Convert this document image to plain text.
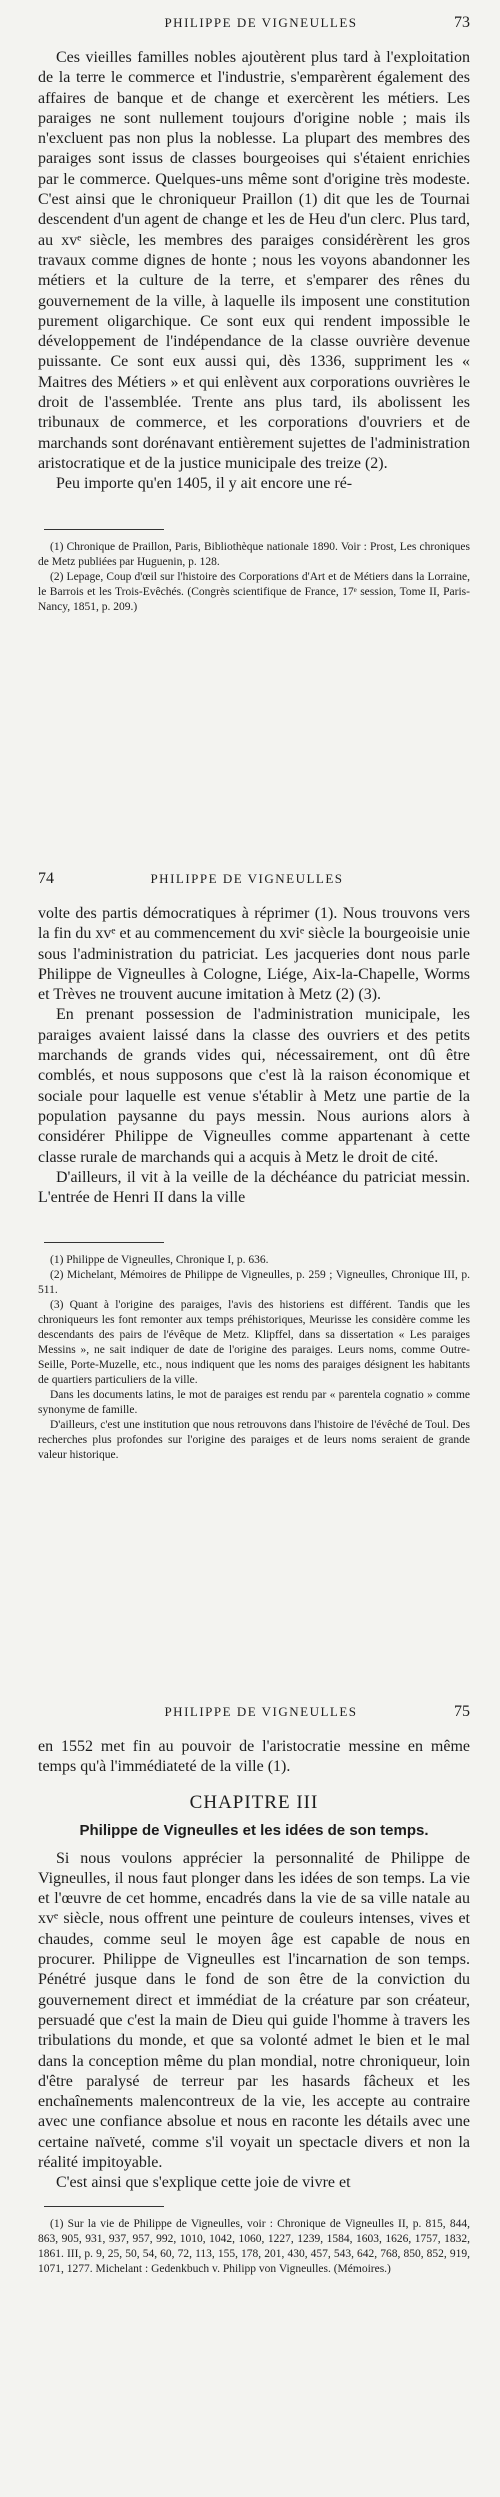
PHILIPPE DE VIGNEULLES	73

Ces vieilles familles nobles ajoutèrent plus tard à l'exploitation de la terre le commerce et l'industrie, s'emparèrent également des affaires de banque et de change et exercèrent les métiers. Les paraiges ne sont nullement toujours d'origine noble ; mais ils n'excluent pas non plus la noblesse. La plupart des membres des paraiges sont issus de classes bourgeoises qui s'étaient enrichies par le commerce. Quelques-uns même sont d'origine très modeste. C'est ainsi que le chroniqueur Praillon (1) dit que les de Tournai descendent d'un agent de change et les de Heu d'un clerc. Plus tard, au xvᵉ siècle, les membres des paraiges considérèrent les gros travaux comme dignes de honte ; nous les voyons abandonner les métiers et la culture de la terre, et s'emparer des rênes du gouvernement de la ville, à laquelle ils imposent une constitution purement oligarchique. Ce sont eux qui rendent impossible le développement de l'indépendance de la classe ouvrière devenue puissante. Ce sont eux aussi qui, dès 1336, suppriment les « Maitres des Métiers » et qui enlèvent aux corporations ouvrières le droit de l'assemblée. Trente ans plus tard, ils abolissent les tribunaux de commerce, et les corporations d'ouvriers et de marchands sont dorénavant entièrement sujettes de l'administration aristocratique et de la justice municipale des treize (2).

Peu importe qu'en 1405, il y ait encore une ré-

(1) Chronique de Praillon, Paris, Bibliothèque nationale 1890. Voir : Prost, Les chroniques de Metz publiées par Huguenin, p. 128.

(2) Lepage, Coup d'œil sur l'histoire des Corporations d'Art et de Métiers dans la Lorraine, le Barrois et les Trois-Evêchés. (Congrès scientifique de France, 17ᵉ session, Tome II, Paris-Nancy, 1851, p. 209.)

74	PHILIPPE DE VIGNEULLES

volte des partis démocratiques à réprimer (1). Nous trouvons vers la fin du xvᵉ et au commencement du xviᵉ siècle la bourgeoisie unie sous l'administration du patriciat. Les jacqueries dont nous parle Philippe de Vigneulles à Cologne, Liége, Aix-la-Chapelle, Worms et Trèves ne trouvent aucune imitation à Metz (2) (3).

En prenant possession de l'administration municipale, les paraiges avaient laissé dans la classe des ouvriers et des petits marchands de grands vides qui, nécessairement, ont dû être comblés, et nous supposons que c'est là la raison économique et sociale pour laquelle est venue s'établir à Metz une partie de la population paysanne du pays messin. Nous aurions alors à considérer Philippe de Vigneulles comme appartenant à cette classe rurale de marchands qui a acquis à Metz le droit de cité.

D'ailleurs, il vit à la veille de la déchéance du patriciat messin. L'entrée de Henri II dans la ville

(1) Philippe de Vigneulles, Chronique I, p. 636.

(2) Michelant, Mémoires de Philippe de Vigneulles, p. 259 ; Vigneulles, Chronique III, p. 511.

(3) Quant à l'origine des paraiges, l'avis des historiens est différent. Tandis que les chroniqueurs les font remonter aux temps préhistoriques, Meurisse les considère comme les descendants des pairs de l'évêque de Metz. Klipffel, dans sa dissertation « Les paraiges Messins », ne sait indiquer de date de l'origine des paraiges. Leurs noms, comme Outre-Seille, Porte-Muzelle, etc., nous indiquent que les noms des paraiges désignent les habitants de quartiers particuliers de la ville.

Dans les documents latins, le mot de paraiges est rendu par « parentela cognatio » comme synonyme de famille.

D'ailleurs, c'est une institution que nous retrouvons dans l'histoire de l'évêché de Toul. Des recherches plus profondes sur l'origine des paraiges et de leurs noms seraient de grande valeur historique.

PHILIPPE DE VIGNEULLES	75

en 1552 met fin au pouvoir de l'aristocratie messine en même temps qu'à l'immédiateté de la ville (1).

CHAPITRE III
Philippe de Vigneulles et les idées de son temps.

Si nous voulons apprécier la personnalité de Philippe de Vigneulles, il nous faut plonger dans les idées de son temps. La vie et l'œuvre de cet homme, encadrés dans la vie de sa ville natale au xvᵉ siècle, nous offrent une peinture de couleurs intenses, vives et chaudes, comme seul le moyen âge est capable de nous en procurer. Philippe de Vigneulles est l'incarnation de son temps. Pénétré jusque dans le fond de son être de la conviction du gouvernement direct et immédiat de la créature par son créateur, persuadé que c'est la main de Dieu qui guide l'homme à travers les tribulations du monde, et que sa volonté admet le bien et le mal dans la conception même du plan mondial, notre chroniqueur, loin d'être paralysé de terreur par les hasards fâcheux et les enchaînements malencontreux de la vie, les accepte au contraire avec une confiance absolue et nous en raconte les détails avec une certaine naïveté, comme s'il voyait un spectacle divers et non la réalité impitoyable.

C'est ainsi que s'explique cette joie de vivre et

(1) Sur la vie de Philippe de Vigneulles, voir : Chronique de Vigneulles II, p. 815, 844, 863, 905, 931, 937, 957, 992, 1010, 1042, 1060, 1227, 1239, 1584, 1603, 1626, 1757, 1832, 1861. III, p. 9, 25, 50, 54, 60, 72, 113, 155, 178, 201, 430, 457, 543, 642, 768, 850, 852, 919, 1071, 1277. Michelant : Gedenkbuch v. Philipp von Vigneulles. (Mémoires.)
